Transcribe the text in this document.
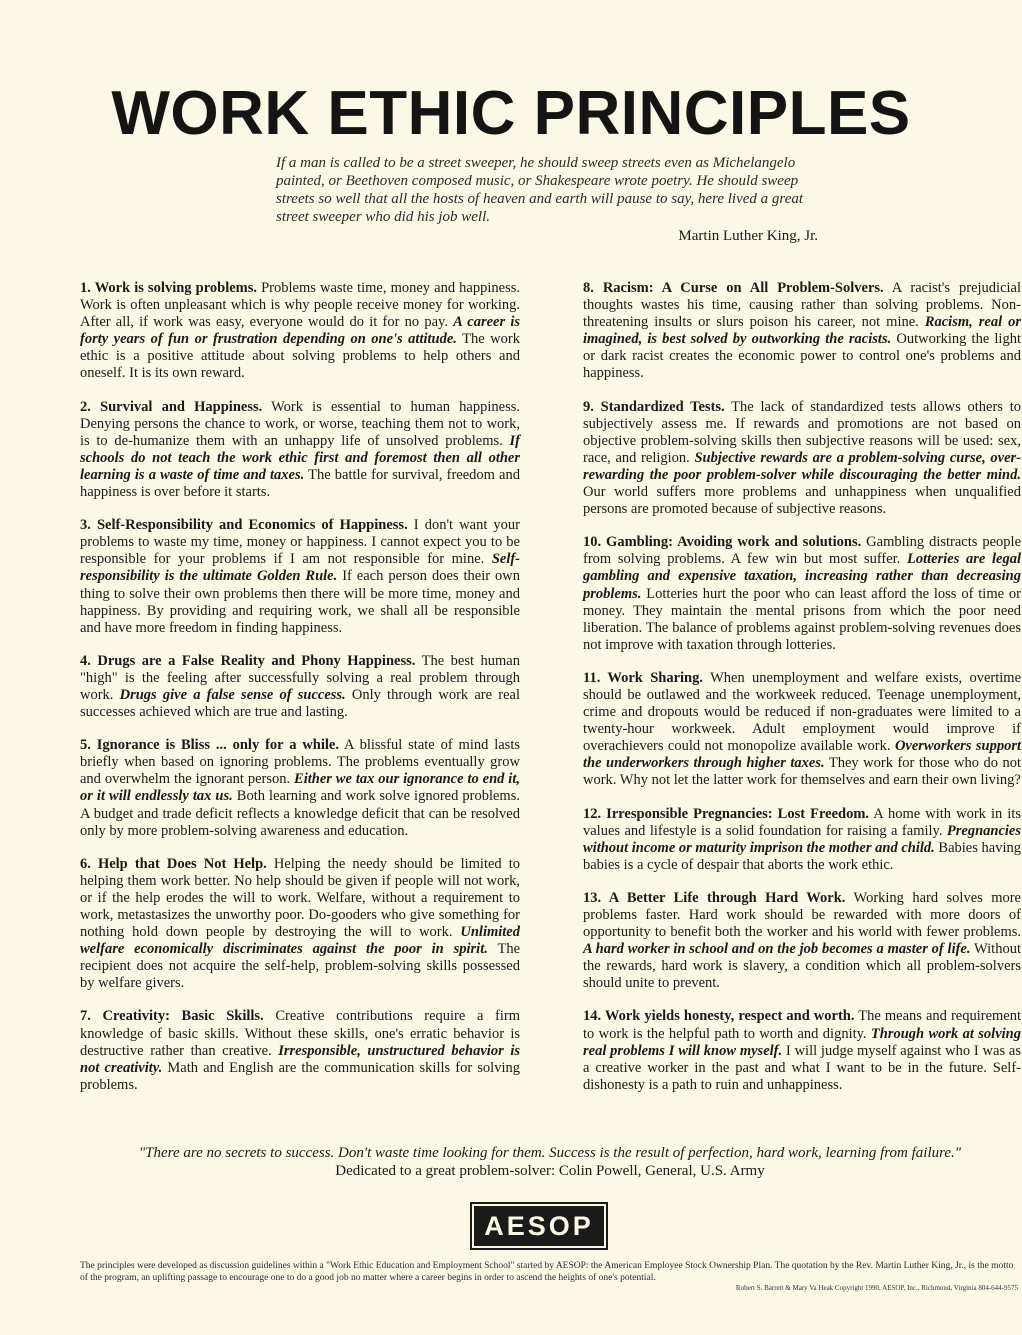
WORK ETHIC PRINCIPLES
If a man is called to be a street sweeper, he should sweep streets even as Michelangelo painted, or Beethoven composed music, or Shakespeare wrote poetry. He should sweep streets so well that all the hosts of heaven and earth will pause to say, here lived a great street sweeper who did his job well.
Martin Luther King, Jr.

1. Work is solving problems. Problems waste time, money and happiness. Work is often unpleasant which is why people receive money for working. After all, if work was easy, everyone would do it for no pay. A career is forty years of fun or frustration depending on one's attitude. The work ethic is a positive attitude about solving problems to help others and oneself. It is its own reward.

2. Survival and Happiness. Work is essential to human happiness. Denying persons the chance to work, or worse, teaching them not to work, is to de-humanize them with an unhappy life of unsolved problems. If schools do not teach the work ethic first and foremost then all other learning is a waste of time and taxes. The battle for survival, freedom and happiness is over before it starts.

3. Self-Responsibility and Economics of Happiness. I don't want your problems to waste my time, money or happiness. I cannot expect you to be responsible for your problems if I am not responsible for mine. Self-responsibility is the ultimate Golden Rule. If each person does their own thing to solve their own problems then there will be more time, money and happiness. By providing and requiring work, we shall all be responsible and have more freedom in finding happiness.

4. Drugs are a False Reality and Phony Happiness. The best human "high" is the feeling after successfully solving a real problem through work. Drugs give a false sense of success. Only through work are real successes achieved which are true and lasting.

5. Ignorance is Bliss ... only for a while. A blissful state of mind lasts briefly when based on ignoring problems. The problems eventually grow and overwhelm the ignorant person. Either we tax our ignorance to end it, or it will endlessly tax us. Both learning and work solve ignored problems. A budget and trade deficit reflects a knowledge deficit that can be resolved only by more problem-solving awareness and education.

6. Help that Does Not Help. Helping the needy should be limited to helping them work better. No help should be given if people will not work, or if the help erodes the will to work. Welfare, without a requirement to work, metastasizes the unworthy poor. Do-gooders who give something for nothing hold down people by destroying the will to work. Unlimited welfare economically discriminates against the poor in spirit. The recipient does not acquire the self-help, problem-solving skills possessed by welfare givers.

7. Creativity: Basic Skills. Creative contributions require a firm knowledge of basic skills. Without these skills, one's erratic behavior is destructive rather than creative. Irresponsible, unstructured behavior is not creativity. Math and English are the communication skills for solving problems.

8. Racism: A Curse on All Problem-Solvers. A racist's prejudicial thoughts wastes his time, causing rather than solving problems. Non-threatening insults or slurs poison his career, not mine. Racism, real or imagined, is best solved by outworking the racists. Outworking the light or dark racist creates the economic power to control one's problems and happiness.

9. Standardized Tests. The lack of standardized tests allows others to subjectively assess me. If rewards and promotions are not based on objective problem-solving skills then subjective reasons will be used: sex, race, and religion. Subjective rewards are a problem-solving curse, over-rewarding the poor problem-solver while discouraging the better mind. Our world suffers more problems and unhappiness when unqualified persons are promoted because of subjective reasons.

10. Gambling: Avoiding work and solutions. Gambling distracts people from solving problems. A few win but most suffer. Lotteries are legal gambling and expensive taxation, increasing rather than decreasing problems. Lotteries hurt the poor who can least afford the loss of time or money. They maintain the mental prisons from which the poor need liberation. The balance of problems against problem-solving revenues does not improve with taxation through lotteries.

11. Work Sharing. When unemployment and welfare exists, overtime should be outlawed and the workweek reduced. Teenage unemployment, crime and dropouts would be reduced if non-graduates were limited to a twenty-hour workweek. Adult employment would improve if overachievers could not monopolize available work. Overworkers support the underworkers through higher taxes. They work for those who do not work. Why not let the latter work for themselves and earn their own living?

12. Irresponsible Pregnancies: Lost Freedom. A home with work in its values and lifestyle is a solid foundation for raising a family. Pregnancies without income or maturity imprison the mother and child. Babies having babies is a cycle of despair that aborts the work ethic.

13. A Better Life through Hard Work. Working hard solves more problems faster. Hard work should be rewarded with more doors of opportunity to benefit both the worker and his world with fewer problems. A hard worker in school and on the job becomes a master of life. Without the rewards, hard work is slavery, a condition which all problem-solvers should unite to prevent.

14. Work yields honesty, respect and worth. The means and requirement to work is the helpful path to worth and dignity. Through work at solving real problems I will know myself. I will judge myself against who I was as a creative worker in the past and what I want to be in the future. Self-dishonesty is a path to ruin and unhappiness.

"There are no secrets to success. Don't waste time looking for them. Success is the result of perfection, hard work, learning from failure."
Dedicated to a great problem-solver: Colin Powell, General, U.S. Army
AESOP
The principles were developed as discussion guidelines within a "Work Ethic Education and Employment School" started by AESOP: the American Employee Stock Ownership Plan. The quotation by the Rev. Martin Luther King, Jr., is the motto of the program, an uplifting passage to encourage one to do a good job no matter where a career begins in order to ascend the heights of one's potential.
Robert S. Barrett & Mary Va Heak Copyright 1990, AESOP, Inc., Richmond, Virginia 804-644-9575
